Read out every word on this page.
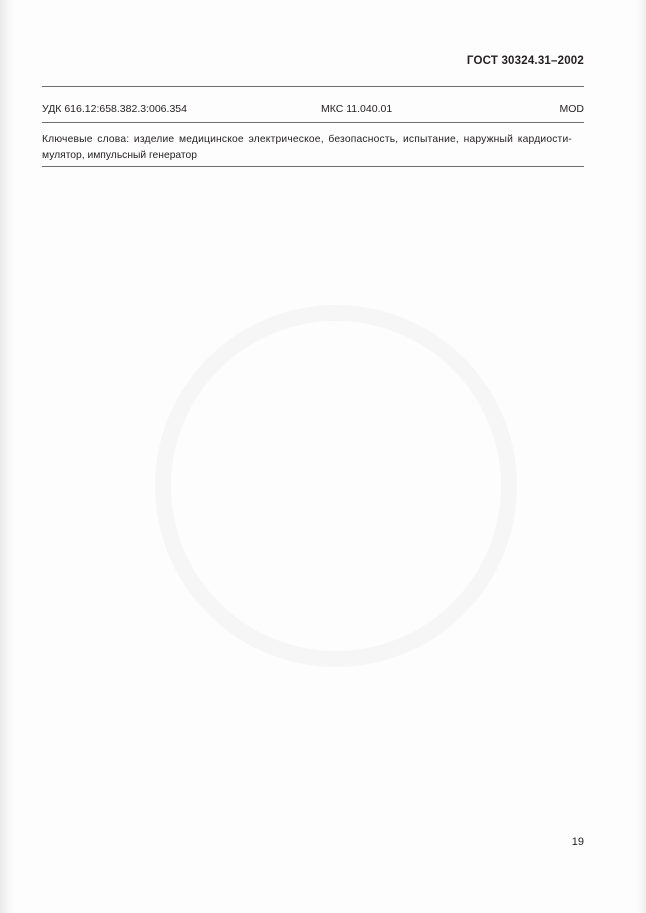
ГОСТ 30324.31–2002
УДК 616.12:658.382.3:006.354	МКС 11.040.01	MOD
Ключевые слова: изделие медицинское электрическое, безопасность, испытание, наружный кардиости-
мулятор, импульсный генератор
19
